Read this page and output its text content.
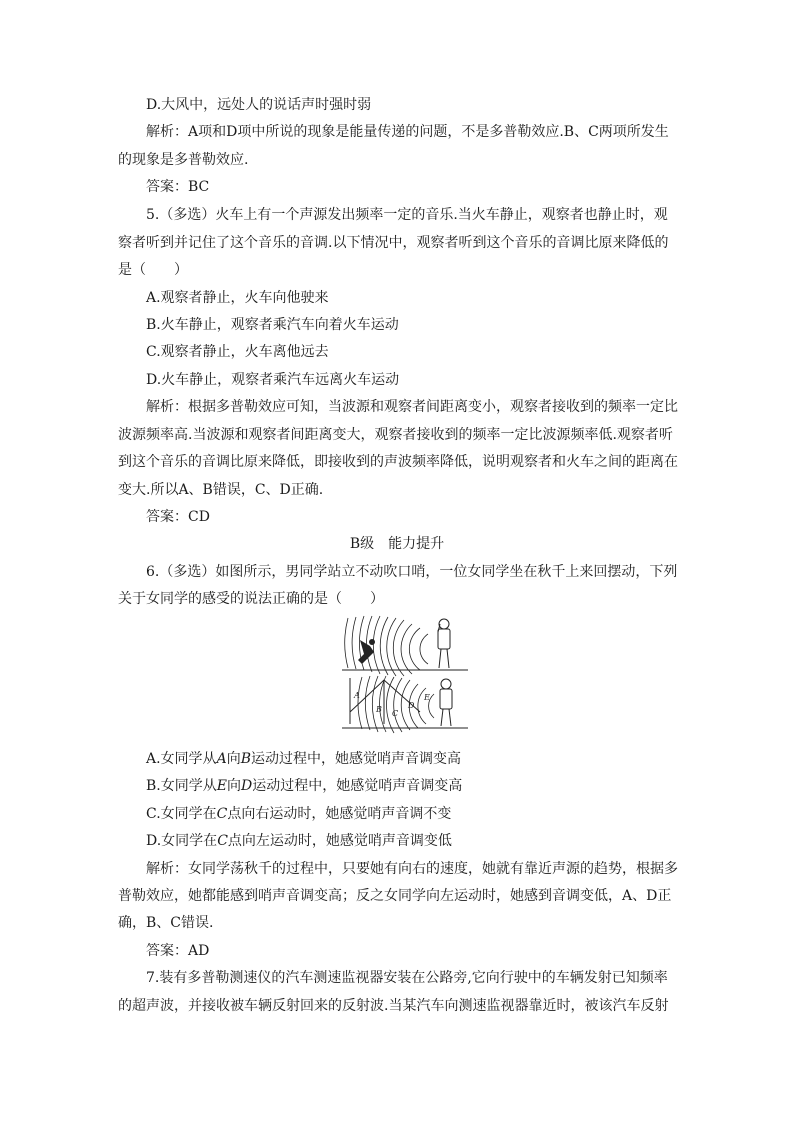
D.大风中，远处人的说话声时强时弱
解析：A项和D项中所说的现象是能量传递的问题，不是多普勒效应.B、C两项所发生
的现象是多普勒效应.
答案：BC
5.（多选）火车上有一个声源发出频率一定的音乐.当火车静止，观察者也静止时，观
察者听到并记住了这个音乐的音调.以下情况中，观察者听到这个音乐的音调比原来降低的
是（　　）
A.观察者静止，火车向他驶来
B.火车静止，观察者乘汽车向着火车运动
C.观察者静止，火车离他远去
D.火车静止，观察者乘汽车远离火车运动
解析：根据多普勒效应可知，当波源和观察者间距离变小，观察者接收到的频率一定比
波源频率高.当波源和观察者间距离变大，观察者接收到的频率一定比波源频率低.观察者听
到这个音乐的音调比原来降低，即接收到的声波频率降低，说明观察者和火车之间的距离在
变大.所以A、B错误，C、D正确.
答案：CD
B级　能力提升
6.（多选）如图所示，男同学站立不动吹口哨，一位女同学坐在秋千上来回摆动，下列
关于女同学的感受的说法正确的是（　　）
A
B C
D
E
A.女同学从A向B运动过程中，她感觉哨声音调变高
B.女同学从E向D运动过程中，她感觉哨声音调变高
C.女同学在C点向右运动时，她感觉哨声音调不变
D.女同学在C点向左运动时，她感觉哨声音调变低
解析：女同学荡秋千的过程中，只要她有向右的速度，她就有靠近声源的趋势，根据多
普勒效应，她都能感到哨声音调变高；反之女同学向左运动时，她感到音调变低，A、D正
确，B、C错误.
答案：AD
7.装有多普勒测速仪的汽车测速监视器安装在公路旁,它向行驶中的车辆发射已知频率
的超声波，并接收被车辆反射回来的反射波.当某汽车向测速监视器靠近时，被该汽车反射
